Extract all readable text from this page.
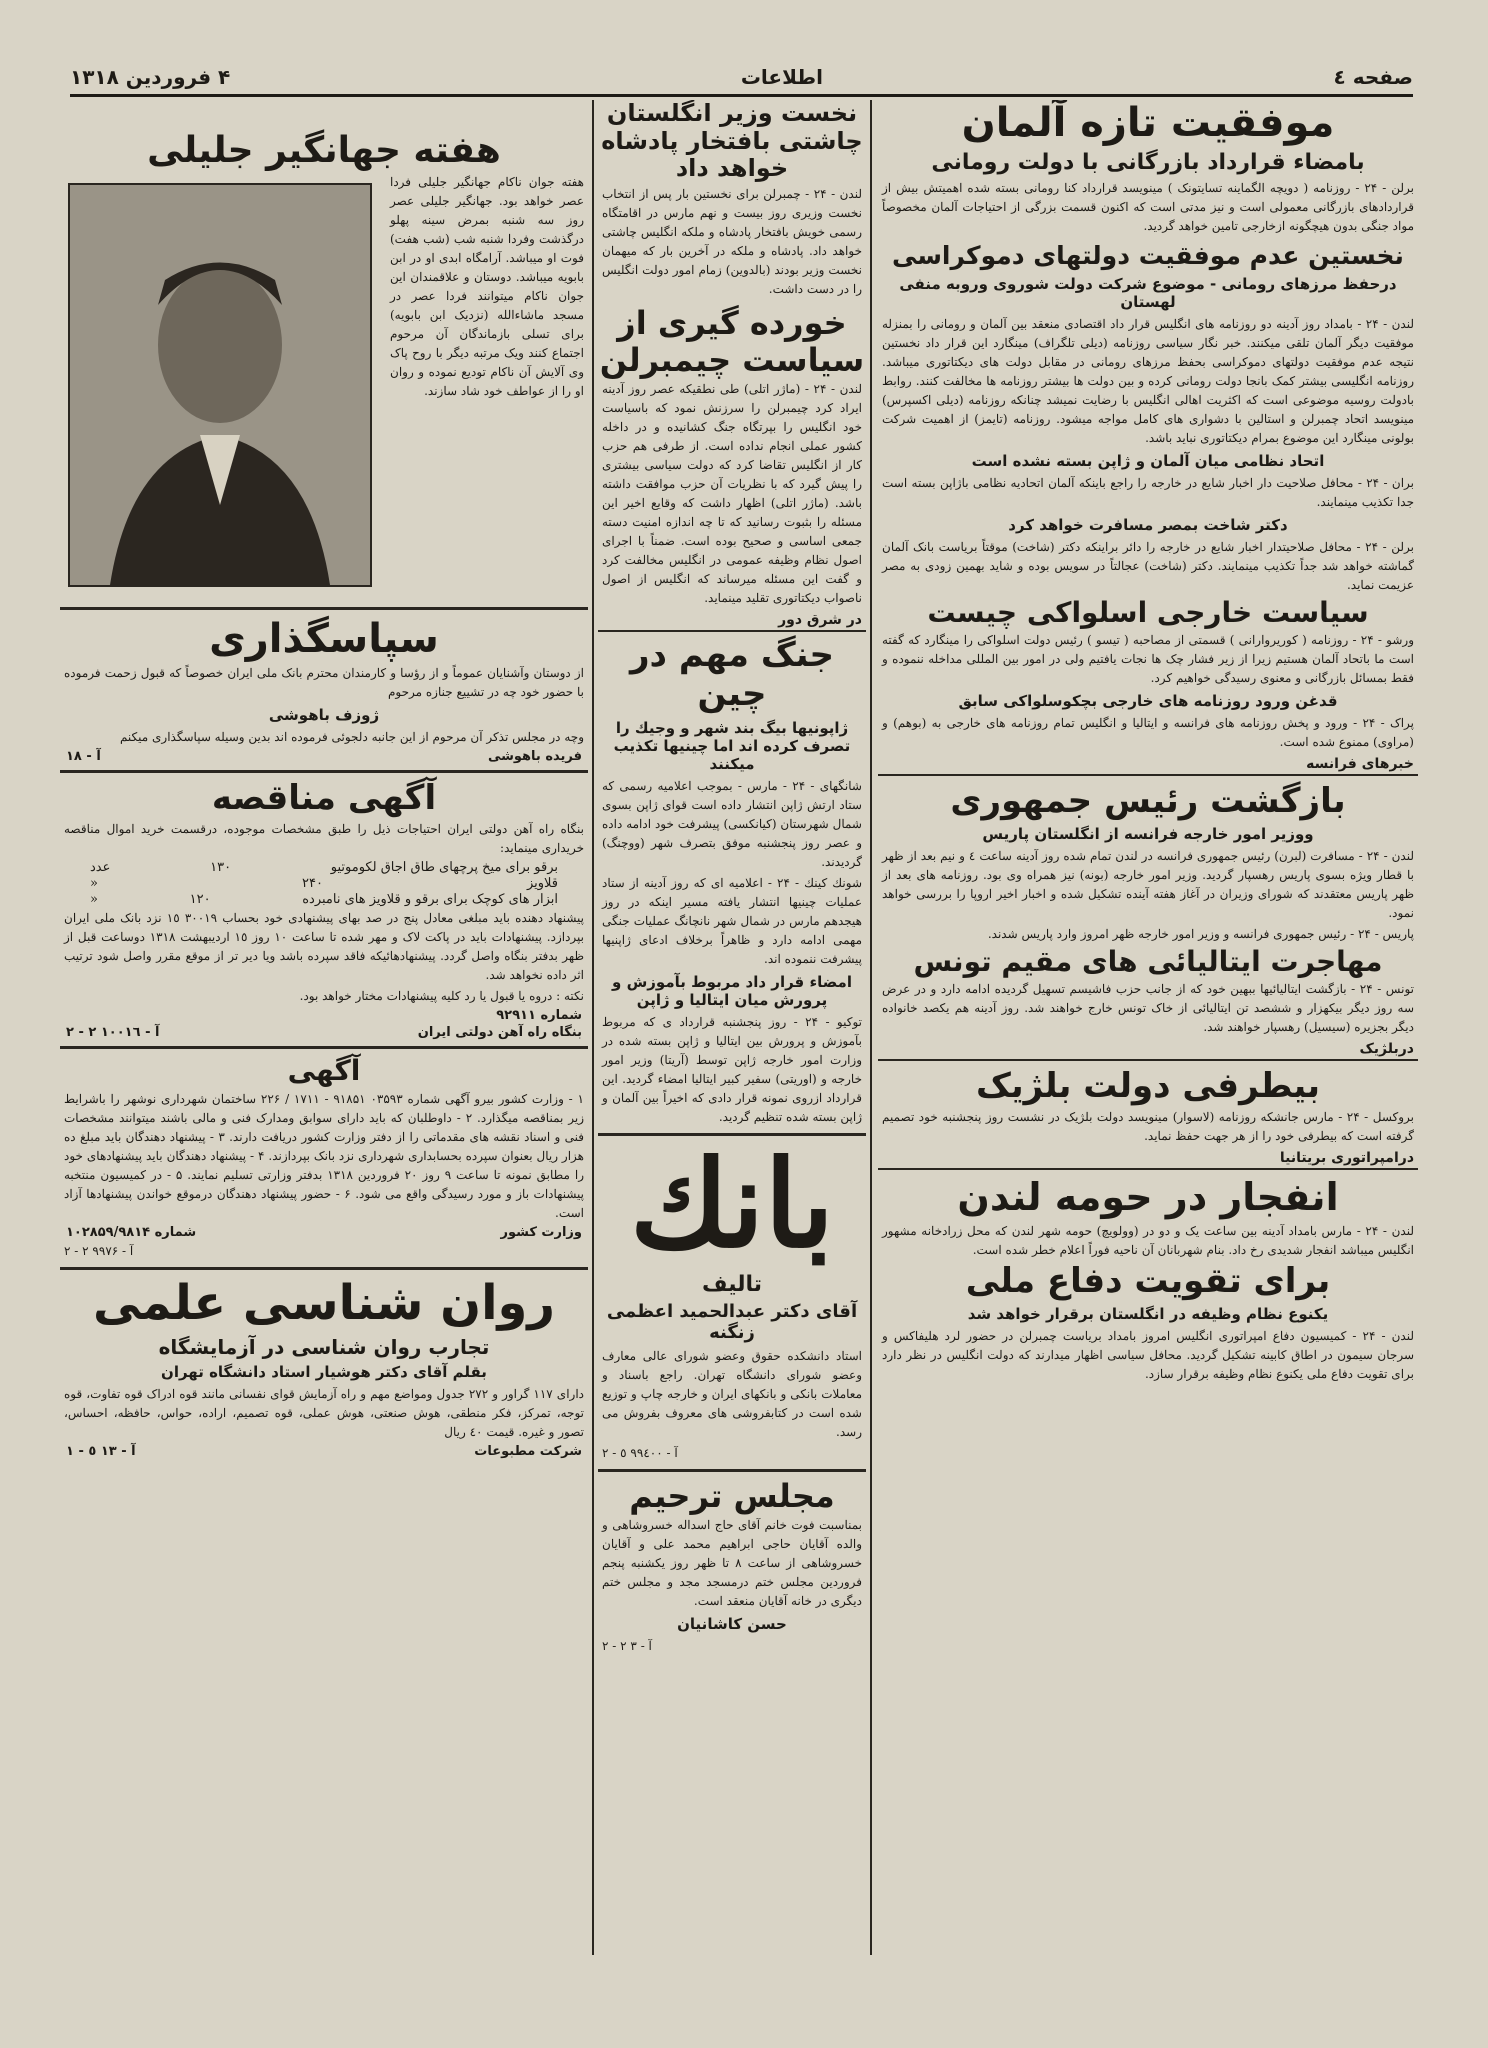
صفحه ٤
اطلاعات
۴ فروردین ۱۳۱۸
موفقیت تازه آلمان
بامضاء قرارداد بازرگانی با دولت رومانی
برلن - ۲۴ - روزنامه ( دویچه الگماینه تسایتونک ) مینویسد قرارداد کنا رومانی بسته شده اهمیتش بیش از قراردادهای بازرگانی معمولی است و نیز مدتی است که اکنون قسمت بزرگی از احتیاجات آلمان مخصوصاً مواد جنگی بدون هیچگونه ازخارجی تامین خواهد گردید.
نخستین عدم موفقیت دولتهای دموکراسی
درحفظ مرزهای رومانی - موضوع شرکت دولت شوروی وروبه منفی لهستان
لندن - ۲۴ - بامداد روز آدینه دو روزنامه های انگلیس قرار داد اقتصادی منعقد بین آلمان و رومانی را بمنزله موفقیت دیگر آلمان تلقی میکنند. خبر نگار سیاسی روزنامه (دیلی تلگراف) مینگارد این قرار داد نخستین نتیجه عدم موفقیت دولتهای دموکراسی بحفظ مرزهای رومانی در مقابل دولت های دیکتاتوری میباشد. روزنامه انگلیسی بیشتر کمک بانجا دولت رومانی کرده و بین دولت ها بیشتر روزنامه ها مخالفت کنند. روابط بادولت روسیه موضوعی است که اکثریت اهالی انگلیس با رضایت نمیشد چنانکه روزنامه (دیلی اکسپرس) مینویسد اتحاد چمبرلن و استالین با دشواری های کامل مواجه میشود. روزنامه (تایمز) از اهمیت شرکت بولونی مینگارد این موضوع بمرام دیکتاتوری نباید باشد.
اتحاد نظامی میان آلمان و ژاپن بسته نشده است
بران - ۲۴ - محافل صلاحیت دار اخبار شایع در خارجه را راجع باینکه آلمان اتحادیه نظامی باژاپن بسته است جدا تکذیب مینمایند.
دکتر شاخت بمصر مسافرت خواهد کرد
برلن - ۲۴ - محافل صلاحیتدار اخبار شایع در خارجه را دائر براینکه دکتر (شاخت) موقتاً بریاست بانک آلمان گماشته خواهد شد جداً تکذیب مینمایند. دکتر (شاخت) عجالتاً در سویس بوده و شاید بهمین زودی به مصر عزیمت نماید.
سیاست خارجی اسلواکی چیست
ورشو - ۲۴ - روزنامه ( کوریروارانی ) قسمتی از مصاحبه ( تیسو ) رئیس دولت اسلواکی را مینگارد که گفته است ما باتحاد آلمان هستیم زیرا از زیر فشار چک ها نجات یافتیم ولی در امور بین المللی مداخله ننموده و فقط بمسائل بازرگانی و معنوی رسیدگی خواهیم کرد.
قدغن ورود روزنامه های خارجی بچکوسلواکی سابق
پراک - ۲۴ - ورود و پخش روزنامه های فرانسه و ایتالیا و انگلیس تمام روزنامه های خارجی به (بوهم) و (مراوی) ممنوع شده است.
خبرهای فرانسه
بازگشت رئیس جمهوری
ووزیر امور خارجه فرانسه از انگلستان پاریس
لندن - ۲۴ - مسافرت (لبرن) رئیس جمهوری فرانسه در لندن تمام شده روز آدینه ساعت ٤ و نیم بعد از ظهر با قطار ویژه بسوی پاریس رهسپار گردید. وزیر امور خارجه (بونه) نیز همراه وی بود. روزنامه های بعد از ظهر پاریس معتقدند که شورای وزیران در آغاز هفته آینده تشکیل شده و اخبار اخیر اروپا را بررسی خواهد نمود.
پاریس - ۲۴ - رئیس جمهوری فرانسه و وزیر امور خارجه ظهر امروز وارد پاریس شدند.
مهاجرت ایتالیائی های مقیم تونس
تونس - ۲۴ - بازگشت ایتالیائیها ببهین خود که از جانب حزب فاشیسم تسهیل گردیده ادامه دارد و در عرض سه روز دیگر بیکهزار و ششصد تن ایتالیائی از خاک تونس خارج خواهند شد. روز آدینه هم یکصد خانواده دیگر بجزیره (سیسیل) رهسپار خواهند شد.
دربلژیک
بیطرفی دولت بلژیک
بروکسل - ۲۴ - مارس جانشکه روزنامه (لاسوار) مینویسد دولت بلژیک در نشست روز پنجشنبه خود تصمیم گرفته است که بیطرفی خود را از هر جهت حفظ نماید.
درامپراتوری بریتانیا
انفجار در حومه لندن
لندن - ۲۴ - مارس بامداد آدینه بین ساعت یک و دو در (وولویچ) حومه شهر لندن که محل زرادخانه مشهور انگلیس میباشد انفجار شدیدی رخ داد. بنام شهربانان آن ناحیه فوراً اعلام خطر شده است.
برای تقویت دفاع ملی
یکنوع نظام وظیفه در انگلستان برقرار خواهد شد
لندن - ۲۴ - کمیسیون دفاع امپراتوری انگلیس امروز بامداد بریاست چمبرلن در حضور لرد هلیفاکس و سرجان سیمون در اطاق کابینه تشکیل گردید. محافل سیاسی اظهار میدارند که دولت انگلیس در نظر دارد برای تقویت دفاع ملی یکنوع نظام وظیفه برقرار سازد.
نخست وزیر انگلستان چاشتی بافتخار پادشاه خواهد داد
لندن - ۲۴ - چمبرلن برای نخستین بار پس از انتخاب نخست وزیری روز بیست و نهم مارس در اقامتگاه رسمی خویش بافتخار پادشاه و ملکه انگلیس چاشتی خواهد داد. پادشاه و ملکه در آخرین بار که میهمان نخست وزیر بودند (بالدوین) زمام امور دولت انگلیس را در دست داشت.
خورده گیری از سیاست چیمبرلن
لندن - ۲۴ - (ماژر اتلی) طی نطقیکه عصر روز آدینه ایراد کرد چیمبرلن را سرزنش نمود که باسیاست خود انگلیس را بپرتگاه جنگ کشانیده و در داخله کشور عملی انجام نداده است. از طرفی هم حزب کار از انگلیس تقاضا کرد که دولت سیاسی بیشتری را پیش گیرد که با نظریات آن حزب موافقت داشته باشد. (ماژر اتلی) اظهار داشت که وقایع اخیر این مسئله را بثبوت رسانید که تا چه اندازه امنیت دسته جمعی اساسی و صحیح بوده است. ضمناً با اجرای اصول نظام وظیفه عمومی در انگلیس مخالفت کرد و گفت این مسئله میرساند که انگلیس از اصول ناصواب دیکتاتوری تقلید مینماید.
در شرق دور
جنگ مهم در چین
ژاپونیها بیگ بند شهر و وجیك را تصرف کرده اند اما چینیها تکذیب میکنند
شانگهای - ۲۴ - مارس - بموجب اعلامیه رسمی که ستاد ارتش ژاپن انتشار داده است قوای ژاپن بسوی شمال شهرستان (کیانکسی) پیشرفت خود ادامه داده و عصر روز پنجشنبه موفق بتصرف شهر (ووچنگ) گردیدند.
شونك كينك - ۲۴ - اعلامیه ای که روز آدینه از ستاد عملیات چینیها انتشار یافته مسیر اینکه در روز هیجدهم مارس در شمال شهر نانچانگ عملیات جنگی مهمی ادامه دارد و ظاهراً برخلاف ادعای ژاپنیها پیشرفت ننموده اند.
امضاء قرار داد مربوط بآموزش و پرورش میان ایتالیا و ژاپن
توکیو - ۲۴ - روز پنجشنبه قرارداد ی که مربوط بآموزش و پرورش بین ایتالیا و ژاپن بسته شده در وزارت امور خارجه ژاپن توسط (آریتا) وزیر امور خارجه و (اوریتی) سفیر کبیر ایتالیا امضاء گردید. این قرارداد ازروی نمونه قرار دادی که اخیراً بین آلمان و ژاپن بسته شده تنظیم گردید.
بانك
تالیف
آقای دکتر عبدالحمید اعظمی زنگنه
استاد دانشکده حقوق وعضو شورای عالی معارف وعضو شورای دانشگاه تهران. راجع باسناد و معاملات بانکی و بانکهای ایران و خارجه چاپ و توزیع شده است در کتابفروشی های معروف بفروش می رسد.
آ - ۹۹٤٠٠ ٥ - ٢
مجلس ترحیم
بمناسبت فوت خانم آقای حاج اسداله خسروشاهی و والده آقایان حاجی ابراهیم محمد علی و آقایان خسروشاهی از ساعت ۸ تا ظهر روز یکشنبه پنجم فروردین مجلس ختم درمسجد مجد و مجلس ختم دیگری در خانه آقایان منعقد است.
حسن کاشانیان
آ - ۳ ٢ - ٢
هفته جهانگیر جلیلی
هفته جوان ناکام جهانگیر جلیلی فردا عصر خواهد بود. جهانگیر جلیلی عصر روز سه شنبه بمرض سینه پهلو درگذشت وفردا شنبه شب (شب هفت) فوت او میباشد. آرامگاه ابدی او در ابن بابویه میباشد. دوستان و علاقمندان این جوان ناکام میتوانند فردا عصر در مسجد ماشاءالله (نزدیک ابن بابویه) برای تسلی بازماندگان آن مرحوم اجتماع کنند ویک مرتبه دیگر با روح پاک وی آلایش آن ناکام تودیع نموده و روان او را از عواطف خود شاد سازند.
سپاسگذاری
از دوستان وآشنایان عموماً و از رؤسا و کارمندان محترم بانک ملی ایران خصوصاً که قبول زحمت فرموده با حضور خود چه در تشییع جنازه مرحوم
ژوزف باهوشی
وچه در مجلس تذکر آن مرحوم از این جانبه دلجوئی فرموده اند بدین وسیله سپاسگذاری میکنم
فریده باهوشی
آ - ١٨
آگهی مناقصه
بنگاه راه آهن دولتی ایران احتیاجات ذیل را طبق مشخصات موجوده، درقسمت خرید اموال مناقصه خریداری مینماید:
برقو برای میخ پرچهای طاق اجاق لکوموتیو
۱۳۰
عدد
قلاویز
۲۴۰
«
ابزار های کوچک برای برقو و قلاویز های نامبرده
۱۲۰
«
پیشنهاد دهنده باید مبلغی معادل پنج در صد بهای پیشنهادی خود بحساب ٣٠٠١٩ ١٥ نزد بانک ملی ایران بپردازد. پیشنهادات باید در پاکت لاک و مهر شده تا ساعت ١٠ روز ١٥ اردیبهشت ١٣١٨ دوساعت قبل از ظهر بدفتر بنگاه واصل گردد. پیشنهادهائیکه فاقد سپرده باشد ویا دیر تر از موقع مقرر واصل شود ترتیب اثر داده نخواهد شد.
نکته : دروه یا قبول یا رد کلیه پیشنهادات مختار خواهد بود.
شماره ۹۲۹۱۱
بنگاه راه آهن دولتی ایران
آ - ١٠٠١٦ ٢ - ٢
آگهی
۱ - وزارت کشور بیرو آگهی شماره ۰۳۵۹۳ ۹۱۸۵۱ - ۱۷۱۱ / ۲۲۶ ساختمان شهرداری نوشهر را باشرایط زیر بمناقصه میگذارد. ۲ - داوطلبان که باید دارای سوابق ومدارک فنی و مالی باشند میتوانند مشخصات فنی و اسناد نقشه های مقدماتی را از دفتر وزارت کشور دریافت دارند. ۳ - پیشنهاد دهندگان باید مبلغ ده هزار ریال بعنوان سپرده بحسابداری شهرداری نزد بانک بپردازند. ۴ - پیشنهاد دهندگان باید پیشنهادهای خود را مطابق نمونه تا ساعت ۹ روز ۲۰ فروردین ۱۳۱۸ بدفتر وزارتی تسلیم نمایند. ۵ - در کمیسیون منتخبه پیشنهادات باز و مورد رسیدگی واقع می شود. ۶ - حضور پیشنهاد دهندگان درموقع خواندن پیشنهادها آزاد است.
وزارت کشور
شماره ۱۰۲۸۵۹/۹۸۱۴
آ - ۹۹۷۶ ٢ - ٢
روان شناسی علمی
تجارب روان شناسی در آزمایشگاه
بقلم آقای دکتر هوشیار استاد دانشگاه تهران
دارای ١١٧ گراور و ٢٧٢ جدول ومواضع مهم و راه آزمایش قوای نفسانی مانند قوه ادراک قوه تفاوت، قوه توجه، تمرکز، فکر منطقی، هوش صنعتی، هوش عملی، قوه تصمیم، اراده، حواس، حافظه، احساس، تصور و غیره. قیمت ٤٠ ریال
شرکت مطبوعات
آ - ١٣ ٥ - ١
